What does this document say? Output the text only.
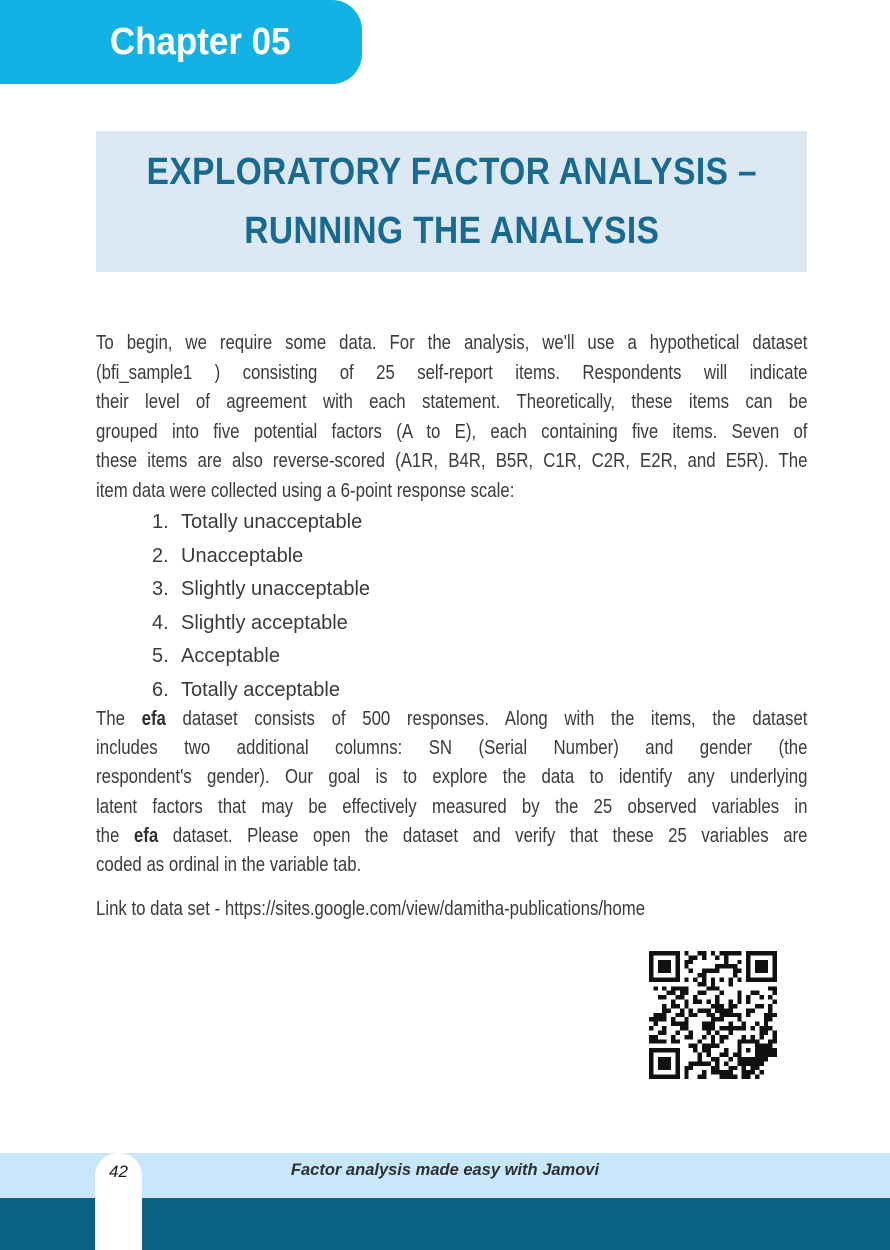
Chapter 05
EXPLORATORY FACTOR ANALYSIS –
RUNNING THE ANALYSIS
To begin, we require some data. For the analysis, we'll use a hypothetical dataset
(bfi_sample1 ) consisting of 25 self-report items. Respondents will indicate
their level of agreement with each statement. Theoretically, these items can be
grouped into five potential factors (A to E), each containing five items. Seven of
these items are also reverse-scored (A1R, B4R, B5R, C1R, C2R, E2R, and E5R). The
item data were collected using a 6-point response scale:
1. Totally unacceptable
2. Unacceptable
3. Slightly unacceptable
4. Slightly acceptable
5. Acceptable
6. Totally acceptable
The efa dataset consists of 500 responses. Along with the items, the dataset
includes two additional columns: SN (Serial Number) and gender (the
respondent's gender). Our goal is to explore the data to identify any underlying
latent factors that may be effectively measured by the 25 observed variables in
the efa dataset. Please open the dataset and verify that these 25 variables are
coded as ordinal in the variable tab.
Link to data set - https://sites.google.com/view/damitha-publications/home
42	Factor analysis made easy with Jamovi
